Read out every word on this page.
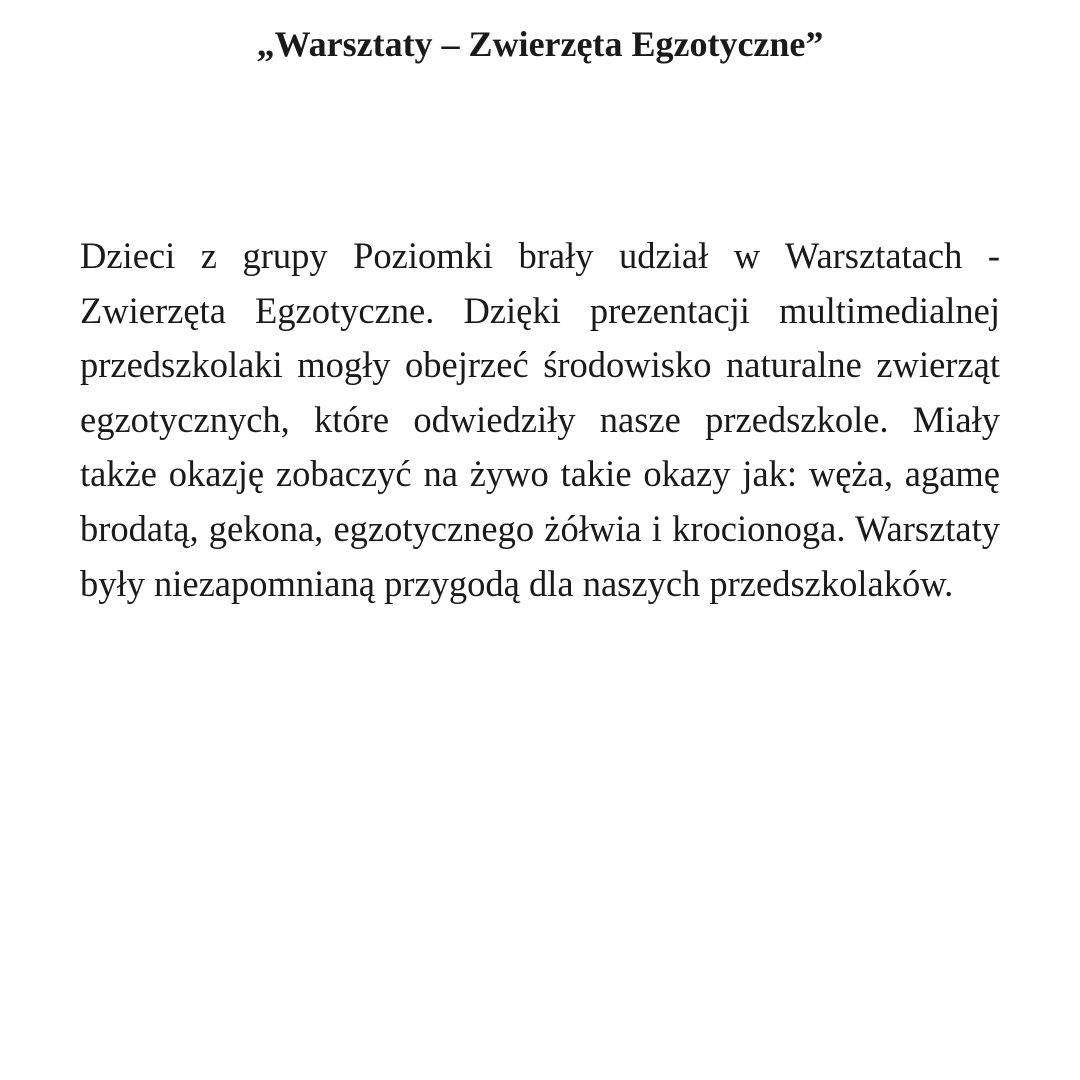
„Warsztaty – Zwierzęta Egzotyczne”

Dzieci z grupy Poziomki brały udział w Warsztatach - Zwierzęta Egzotyczne. Dzięki prezentacji multimedialnej przedszkolaki mogły obejrzeć środowisko naturalne zwierząt egzotycznych, które odwiedziły nasze przedszkole. Miały także okazję zobaczyć na żywo takie okazy jak: węża, agamę brodatą, gekona, egzotycznego żółwia i krocionoga. Warsztaty były niezapomnianą przygodą dla naszych przedszkolaków.
